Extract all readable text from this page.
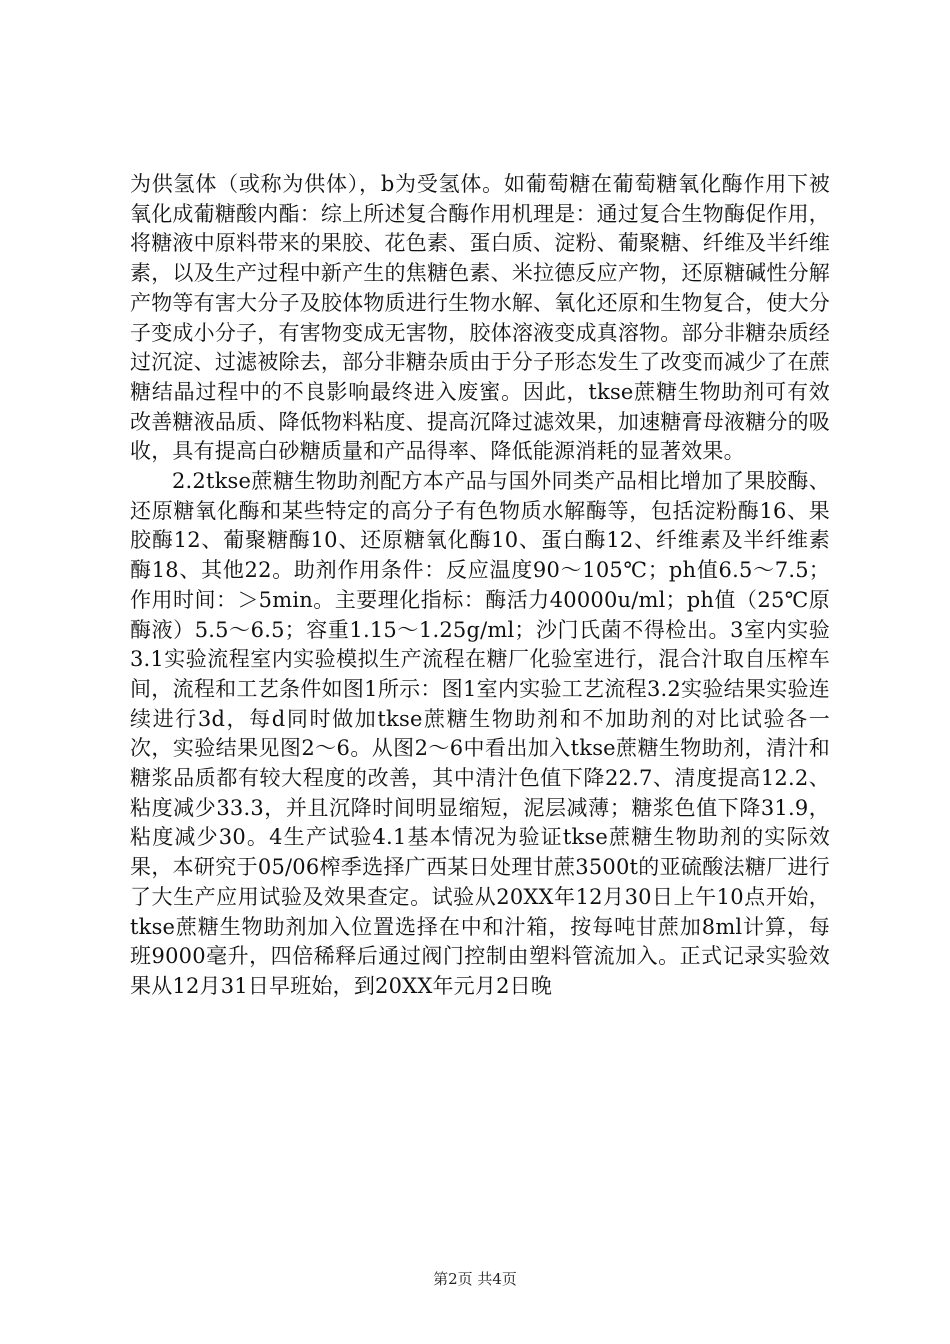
为供氢体（或称为供体），b为受氢体。如葡萄糖在葡萄糖氧化酶作用下被氧化成葡糖酸内酯：综上所述复合酶作用机理是：通过复合生物酶促作用，将糖液中原料带来的果胶、花色素、蛋白质、淀粉、葡聚糖、纤维及半纤维素，以及生产过程中新产生的焦糖色素、米拉德反应产物，还原糖碱性分解产物等有害大分子及胶体物质进行生物水解、氧化还原和生物复合，使大分子变成小分子，有害物变成无害物，胶体溶液变成真溶物。部分非糖杂质经过沉淀、过滤被除去，部分非糖杂质由于分子形态发生了改变而减少了在蔗糖结晶过程中的不良影响最终进入废蜜。因此，tkse蔗糖生物助剂可有效改善糖液品质、降低物料粘度、提高沉降过滤效果，加速糖膏母液糖分的吸收，具有提高白砂糖质量和产品得率、降低能源消耗的显著效果。

2.2tkse蔗糖生物助剂配方本产品与国外同类产品相比增加了果胶酶、还原糖氧化酶和某些特定的高分子有色物质水解酶等，包括淀粉酶16、果胶酶12、葡聚糖酶10、还原糖氧化酶10、蛋白酶12、纤维素及半纤维素酶18、其他22。助剂作用条件：反应温度90～105℃；ph值6.5～7.5；作用时间：＞5min。主要理化指标：酶活力40000u/ml；ph值（25℃原酶液）5.5～6.5；容重1.15～1.25g/ml；沙门氏菌不得检出。3室内实验3.1实验流程室内实验模拟生产流程在糖厂化验室进行，混合汁取自压榨车间，流程和工艺条件如图1所示：图1室内实验工艺流程3.2实验结果实验连续进行3d，每d同时做加tkse蔗糖生物助剂和不加助剂的对比试验各一次，实验结果见图2～6。从图2～6中看出加入tkse蔗糖生物助剂，清汁和糖浆品质都有较大程度的改善，其中清汁色值下降22.7、清度提高12.2、粘度减少33.3，并且沉降时间明显缩短，泥层减薄；糖浆色值下降31.9，粘度减少30。4生产试验4.1基本情况为验证tkse蔗糖生物助剂的实际效果，本研究于05/06榨季选择广西某日处理甘蔗3500t的亚硫酸法糖厂进行了大生产应用试验及效果查定。试验从20XX年12月30日上午10点开始，tkse蔗糖生物助剂加入位置选择在中和汁箱，按每吨甘蔗加8ml计算，每班9000毫升，四倍稀释后通过阀门控制由塑料管流加入。正式记录实验效果从12月31日早班始，到20XX年元月2日晚

第2页 共4页
